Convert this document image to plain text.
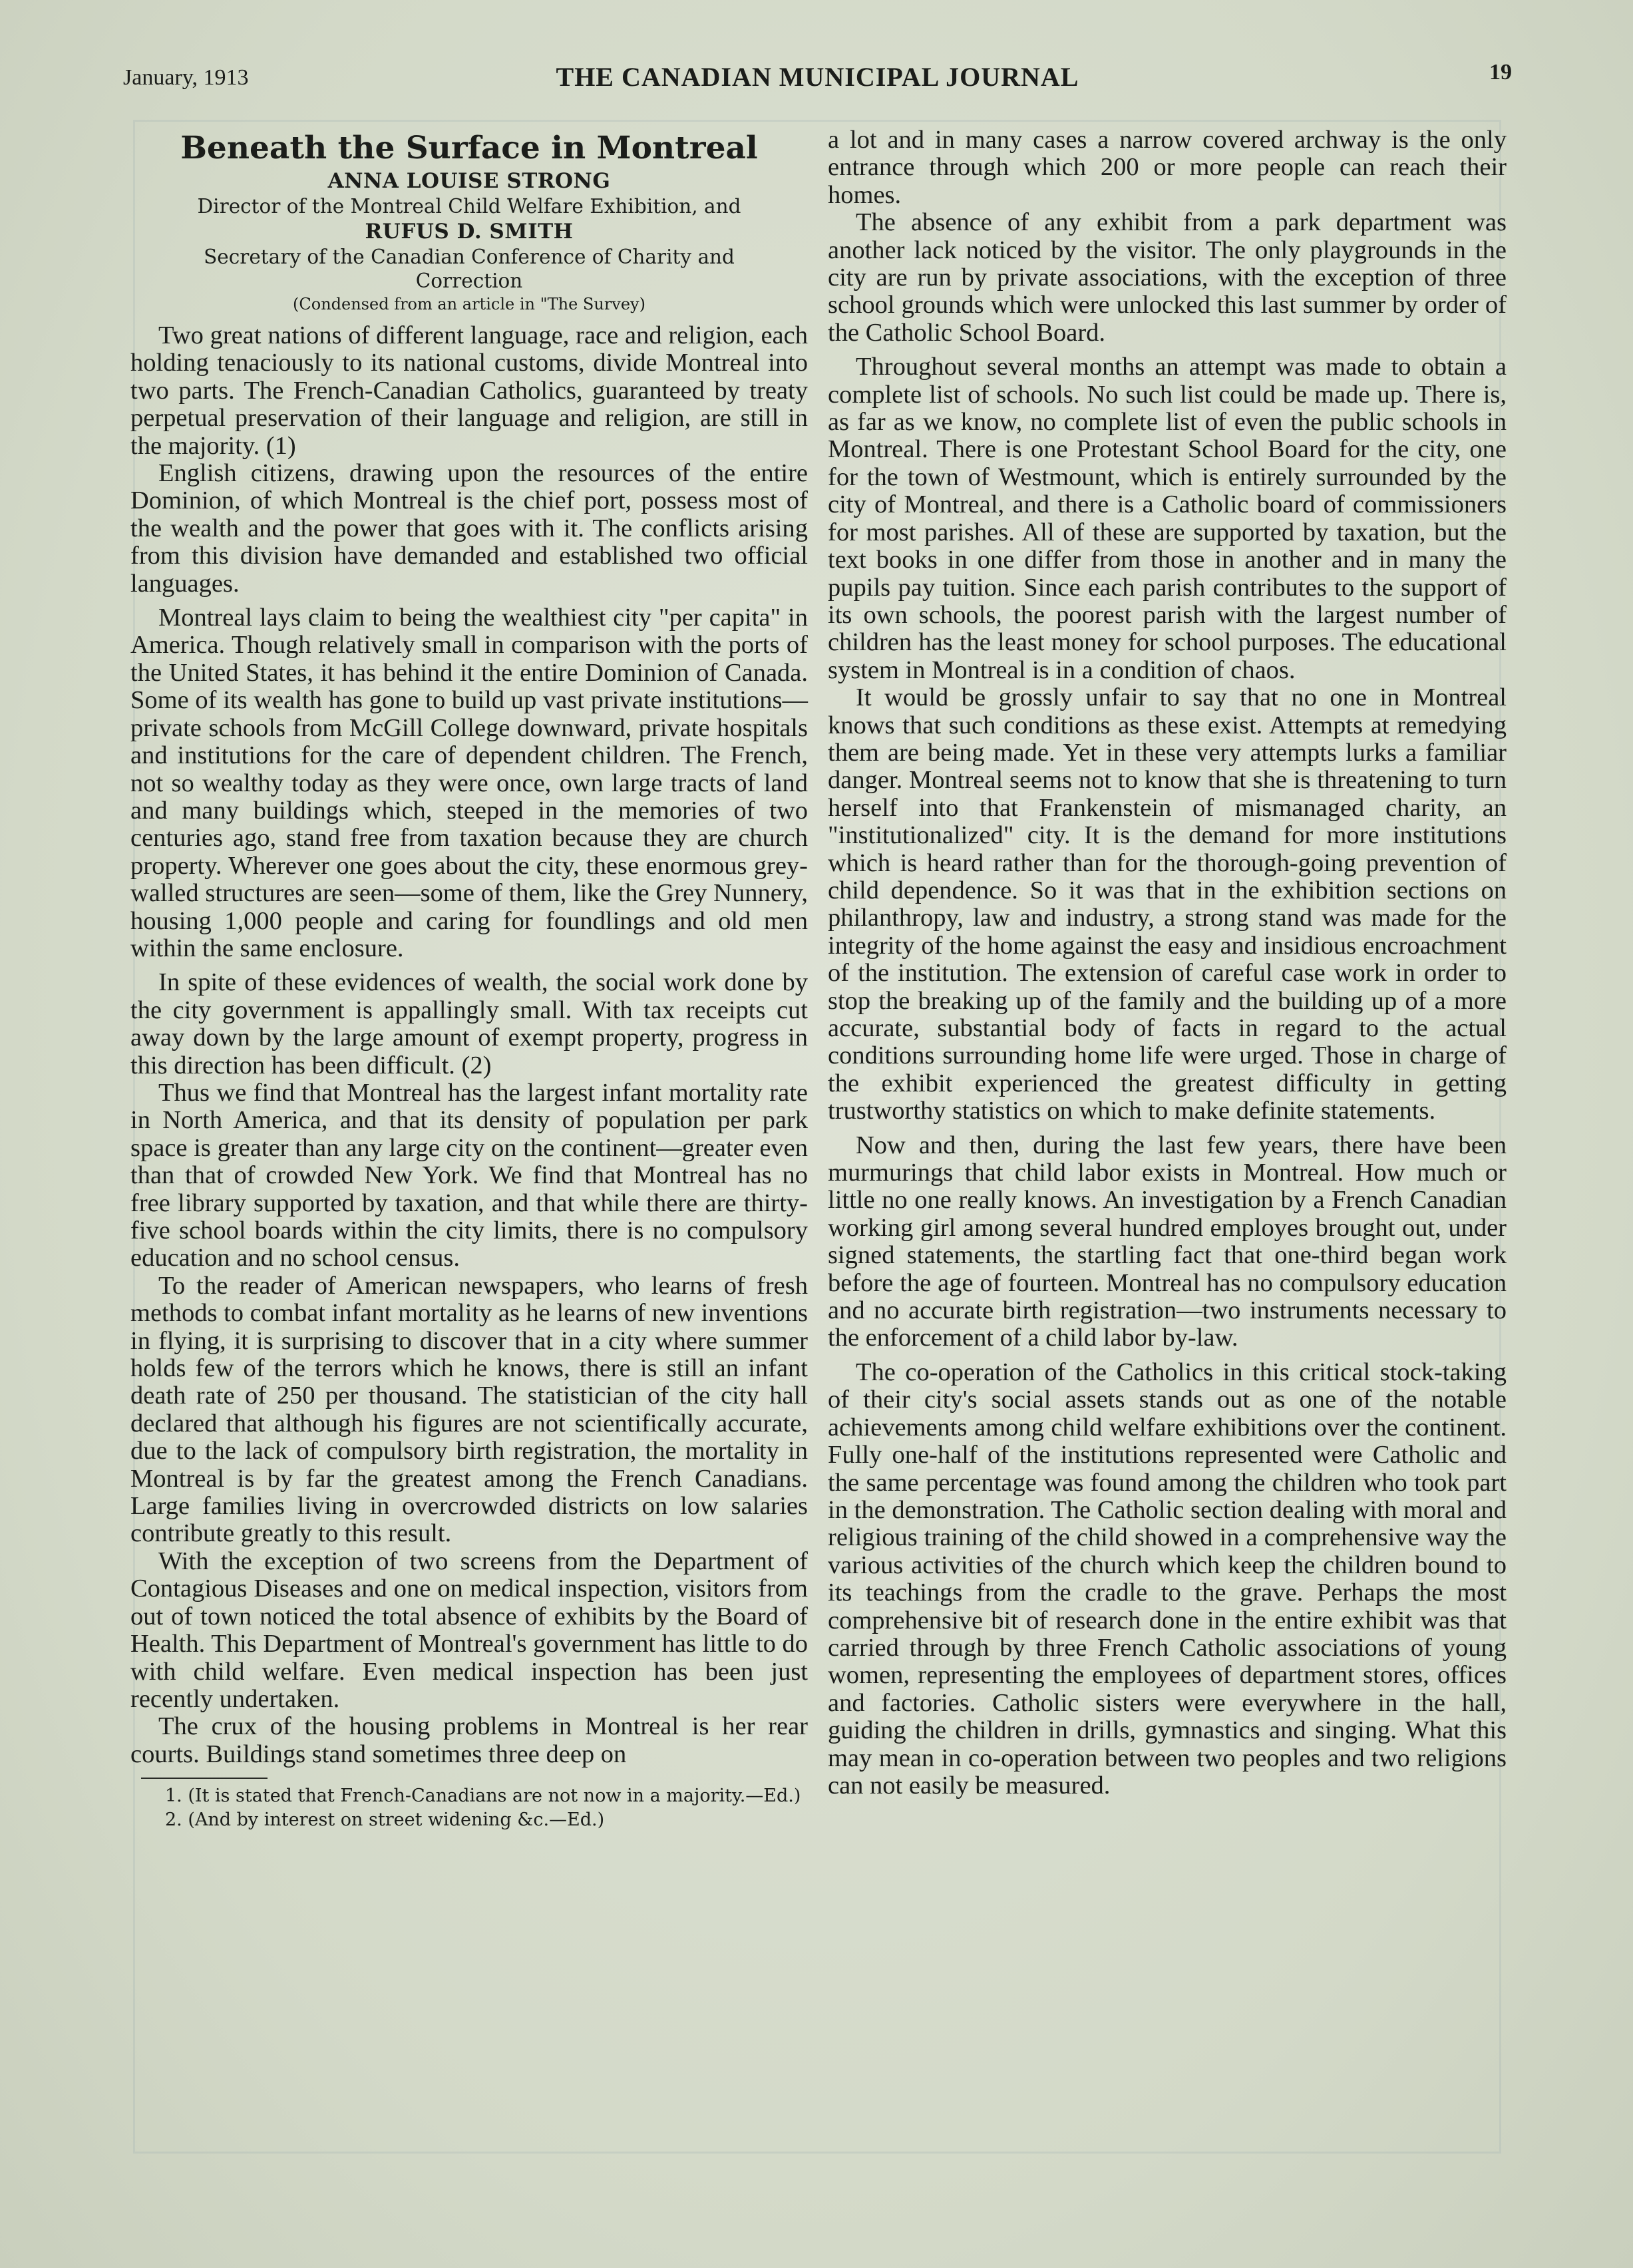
January, 1913	THE CANADIAN MUNICIPAL JOURNAL	19
Beneath the Surface in Montreal
ANNA LOUISE STRONG
Director of the Montreal Child Welfare Exhibition, and
RUFUS D. SMITH
Secretary of the Canadian Conference of Charity and Correction
(Condensed from an article in "The Survey)

Two great nations of different language, race and religion, each holding tenaciously to its national customs, divide Montreal into two parts. The French-Canadian Catholics, guaranteed by treaty perpetual preservation of their language and religion, are still in the majority. (1)

English citizens, drawing upon the resources of the entire Dominion, of which Montreal is the chief port, possess most of the wealth and the power that goes with it. The conflicts arising from this division have demanded and established two official languages.

Montreal lays claim to being the wealthiest city "per capita" in America. Though relatively small in comparison with the ports of the United States, it has behind it the entire Dominion of Canada. Some of its wealth has gone to build up vast private institutions—private schools from McGill College downward, private hospitals and institutions for the care of dependent children. The French, not so wealthy today as they were once, own large tracts of land and many buildings which, steeped in the memories of two centuries ago, stand free from taxation because they are church property. Wherever one goes about the city, these enormous grey-walled structures are seen—some of them, like the Grey Nunnery, housing 1,000 people and caring for foundlings and old men within the same enclosure.

In spite of these evidences of wealth, the social work done by the city government is appallingly small. With tax receipts cut away down by the large amount of exempt property, progress in this direction has been difficult. (2)

Thus we find that Montreal has the largest infant mortality rate in North America, and that its density of population per park space is greater than any large city on the continent—greater even than that of crowded New York. We find that Montreal has no free library supported by taxation, and that while there are thirty-five school boards within the city limits, there is no compulsory education and no school census.

To the reader of American newspapers, who learns of fresh methods to combat infant mortality as he learns of new inventions in flying, it is surprising to discover that in a city where summer holds few of the terrors which he knows, there is still an infant death rate of 250 per thousand. The statistician of the city hall declared that although his figures are not scientifically accurate, due to the lack of compulsory birth registration, the mortality in Montreal is by far the greatest among the French Canadians. Large families living in overcrowded districts on low salaries contribute greatly to this result.

With the exception of two screens from the Department of Contagious Diseases and one on medical inspection, visitors from out of town noticed the total absence of exhibits by the Board of Health. This Department of Montreal's government has little to do with child welfare. Even medical inspection has been just recently undertaken.

The crux of the housing problems in Montreal is her rear courts. Buildings stand sometimes three deep on

1. (It is stated that French-Canadians are not now in a majority.—Ed.)
2. (And by interest on street widening &c.—Ed.)

a lot and in many cases a narrow covered archway is the only entrance through which 200 or more people can reach their homes.

The absence of any exhibit from a park department was another lack noticed by the visitor. The only playgrounds in the city are run by private associations, with the exception of three school grounds which were unlocked this last summer by order of the Catholic School Board.

Throughout several months an attempt was made to obtain a complete list of schools. No such list could be made up. There is, as far as we know, no complete list of even the public schools in Montreal. There is one Protestant School Board for the city, one for the town of Westmount, which is entirely surrounded by the city of Montreal, and there is a Catholic board of commissioners for most parishes. All of these are supported by taxation, but the text books in one differ from those in another and in many the pupils pay tuition. Since each parish contributes to the support of its own schools, the poorest parish with the largest number of children has the least money for school purposes. The educational system in Montreal is in a condition of chaos.

It would be grossly unfair to say that no one in Montreal knows that such conditions as these exist. Attempts at remedying them are being made. Yet in these very attempts lurks a familiar danger. Montreal seems not to know that she is threatening to turn herself into that Frankenstein of mismanaged charity, an "institutionalized" city. It is the demand for more institutions which is heard rather than for the thorough-going prevention of child dependence. So it was that in the exhibition sections on philanthropy, law and industry, a strong stand was made for the integrity of the home against the easy and insidious encroachment of the institution. The extension of careful case work in order to stop the breaking up of the family and the building up of a more accurate, substantial body of facts in regard to the actual conditions surrounding home life were urged. Those in charge of the exhibit experienced the greatest difficulty in getting trustworthy statistics on which to make definite statements.

Now and then, during the last few years, there have been murmurings that child labor exists in Montreal. How much or little no one really knows. An investigation by a French Canadian working girl among several hundred employes brought out, under signed statements, the startling fact that one-third began work before the age of fourteen. Montreal has no compulsory education and no accurate birth registration—two instruments necessary to the enforcement of a child labor by-law.

The co-operation of the Catholics in this critical stock-taking of their city's social assets stands out as one of the notable achievements among child welfare exhibitions over the continent. Fully one-half of the institutions represented were Catholic and the same percentage was found among the children who took part in the demonstration. The Catholic section dealing with moral and religious training of the child showed in a comprehensive way the various activities of the church which keep the children bound to its teachings from the cradle to the grave. Perhaps the most comprehensive bit of research done in the entire exhibit was that carried through by three French Catholic associations of young women, representing the employees of department stores, offices and factories. Catholic sisters were everywhere in the hall, guiding the children in drills, gymnastics and singing. What this may mean in co-operation between two peoples and two religions can not easily be measured.
